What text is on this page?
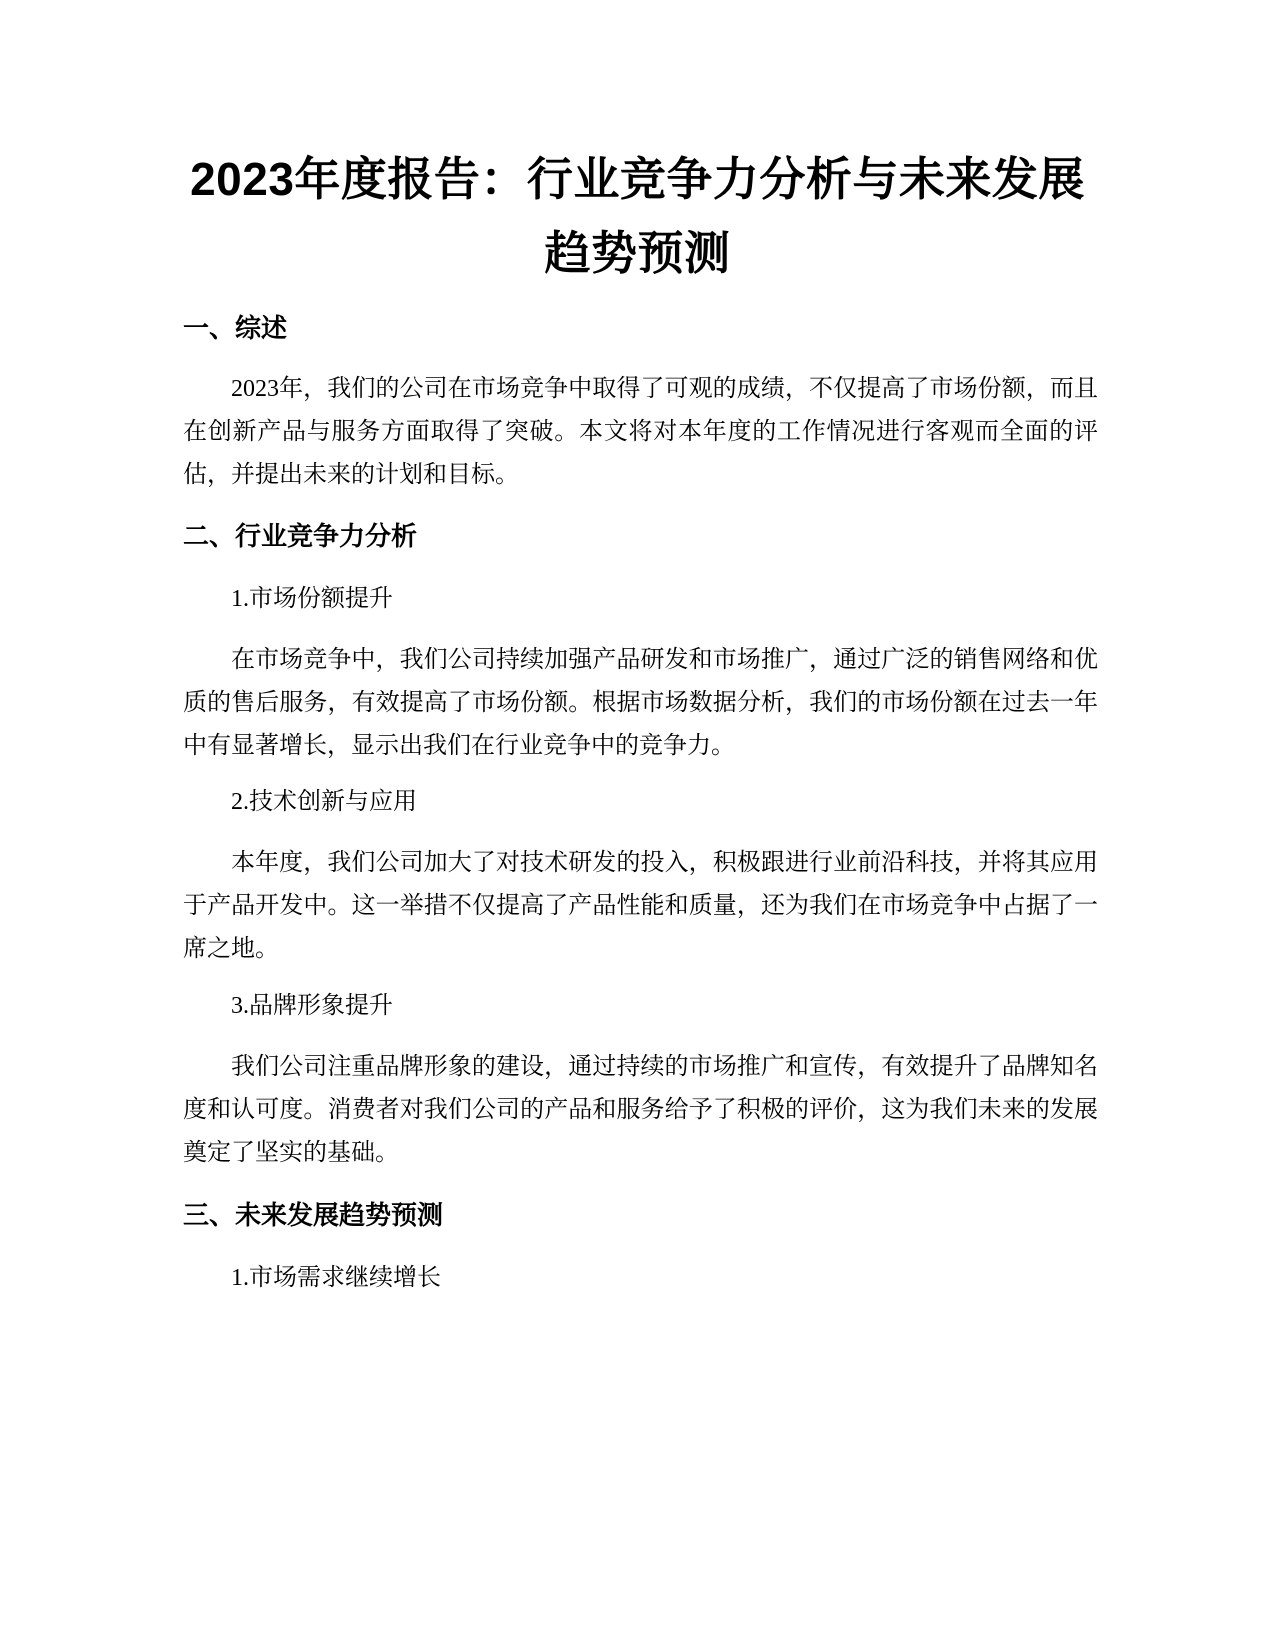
2023年度报告：行业竞争力分析与未来发展趋势预测
一、综述

2023年，我们的公司在市场竞争中取得了可观的成绩，不仅提高了市场份额，而且在创新产品与服务方面取得了突破。本文将对本年度的工作情况进行客观而全面的评估，并提出未来的计划和目标。

二、行业竞争力分析

1.市场份额提升

在市场竞争中，我们公司持续加强产品研发和市场推广，通过广泛的销售网络和优质的售后服务，有效提高了市场份额。根据市场数据分析，我们的市场份额在过去一年中有显著增长，显示出我们在行业竞争中的竞争力。

2.技术创新与应用

本年度，我们公司加大了对技术研发的投入，积极跟进行业前沿科技，并将其应用于产品开发中。这一举措不仅提高了产品性能和质量，还为我们在市场竞争中占据了一席之地。

3.品牌形象提升

我们公司注重品牌形象的建设，通过持续的市场推广和宣传，有效提升了品牌知名度和认可度。消费者对我们公司的产品和服务给予了积极的评价，这为我们未来的发展奠定了坚实的基础。

三、未来发展趋势预测

1.市场需求继续增长
